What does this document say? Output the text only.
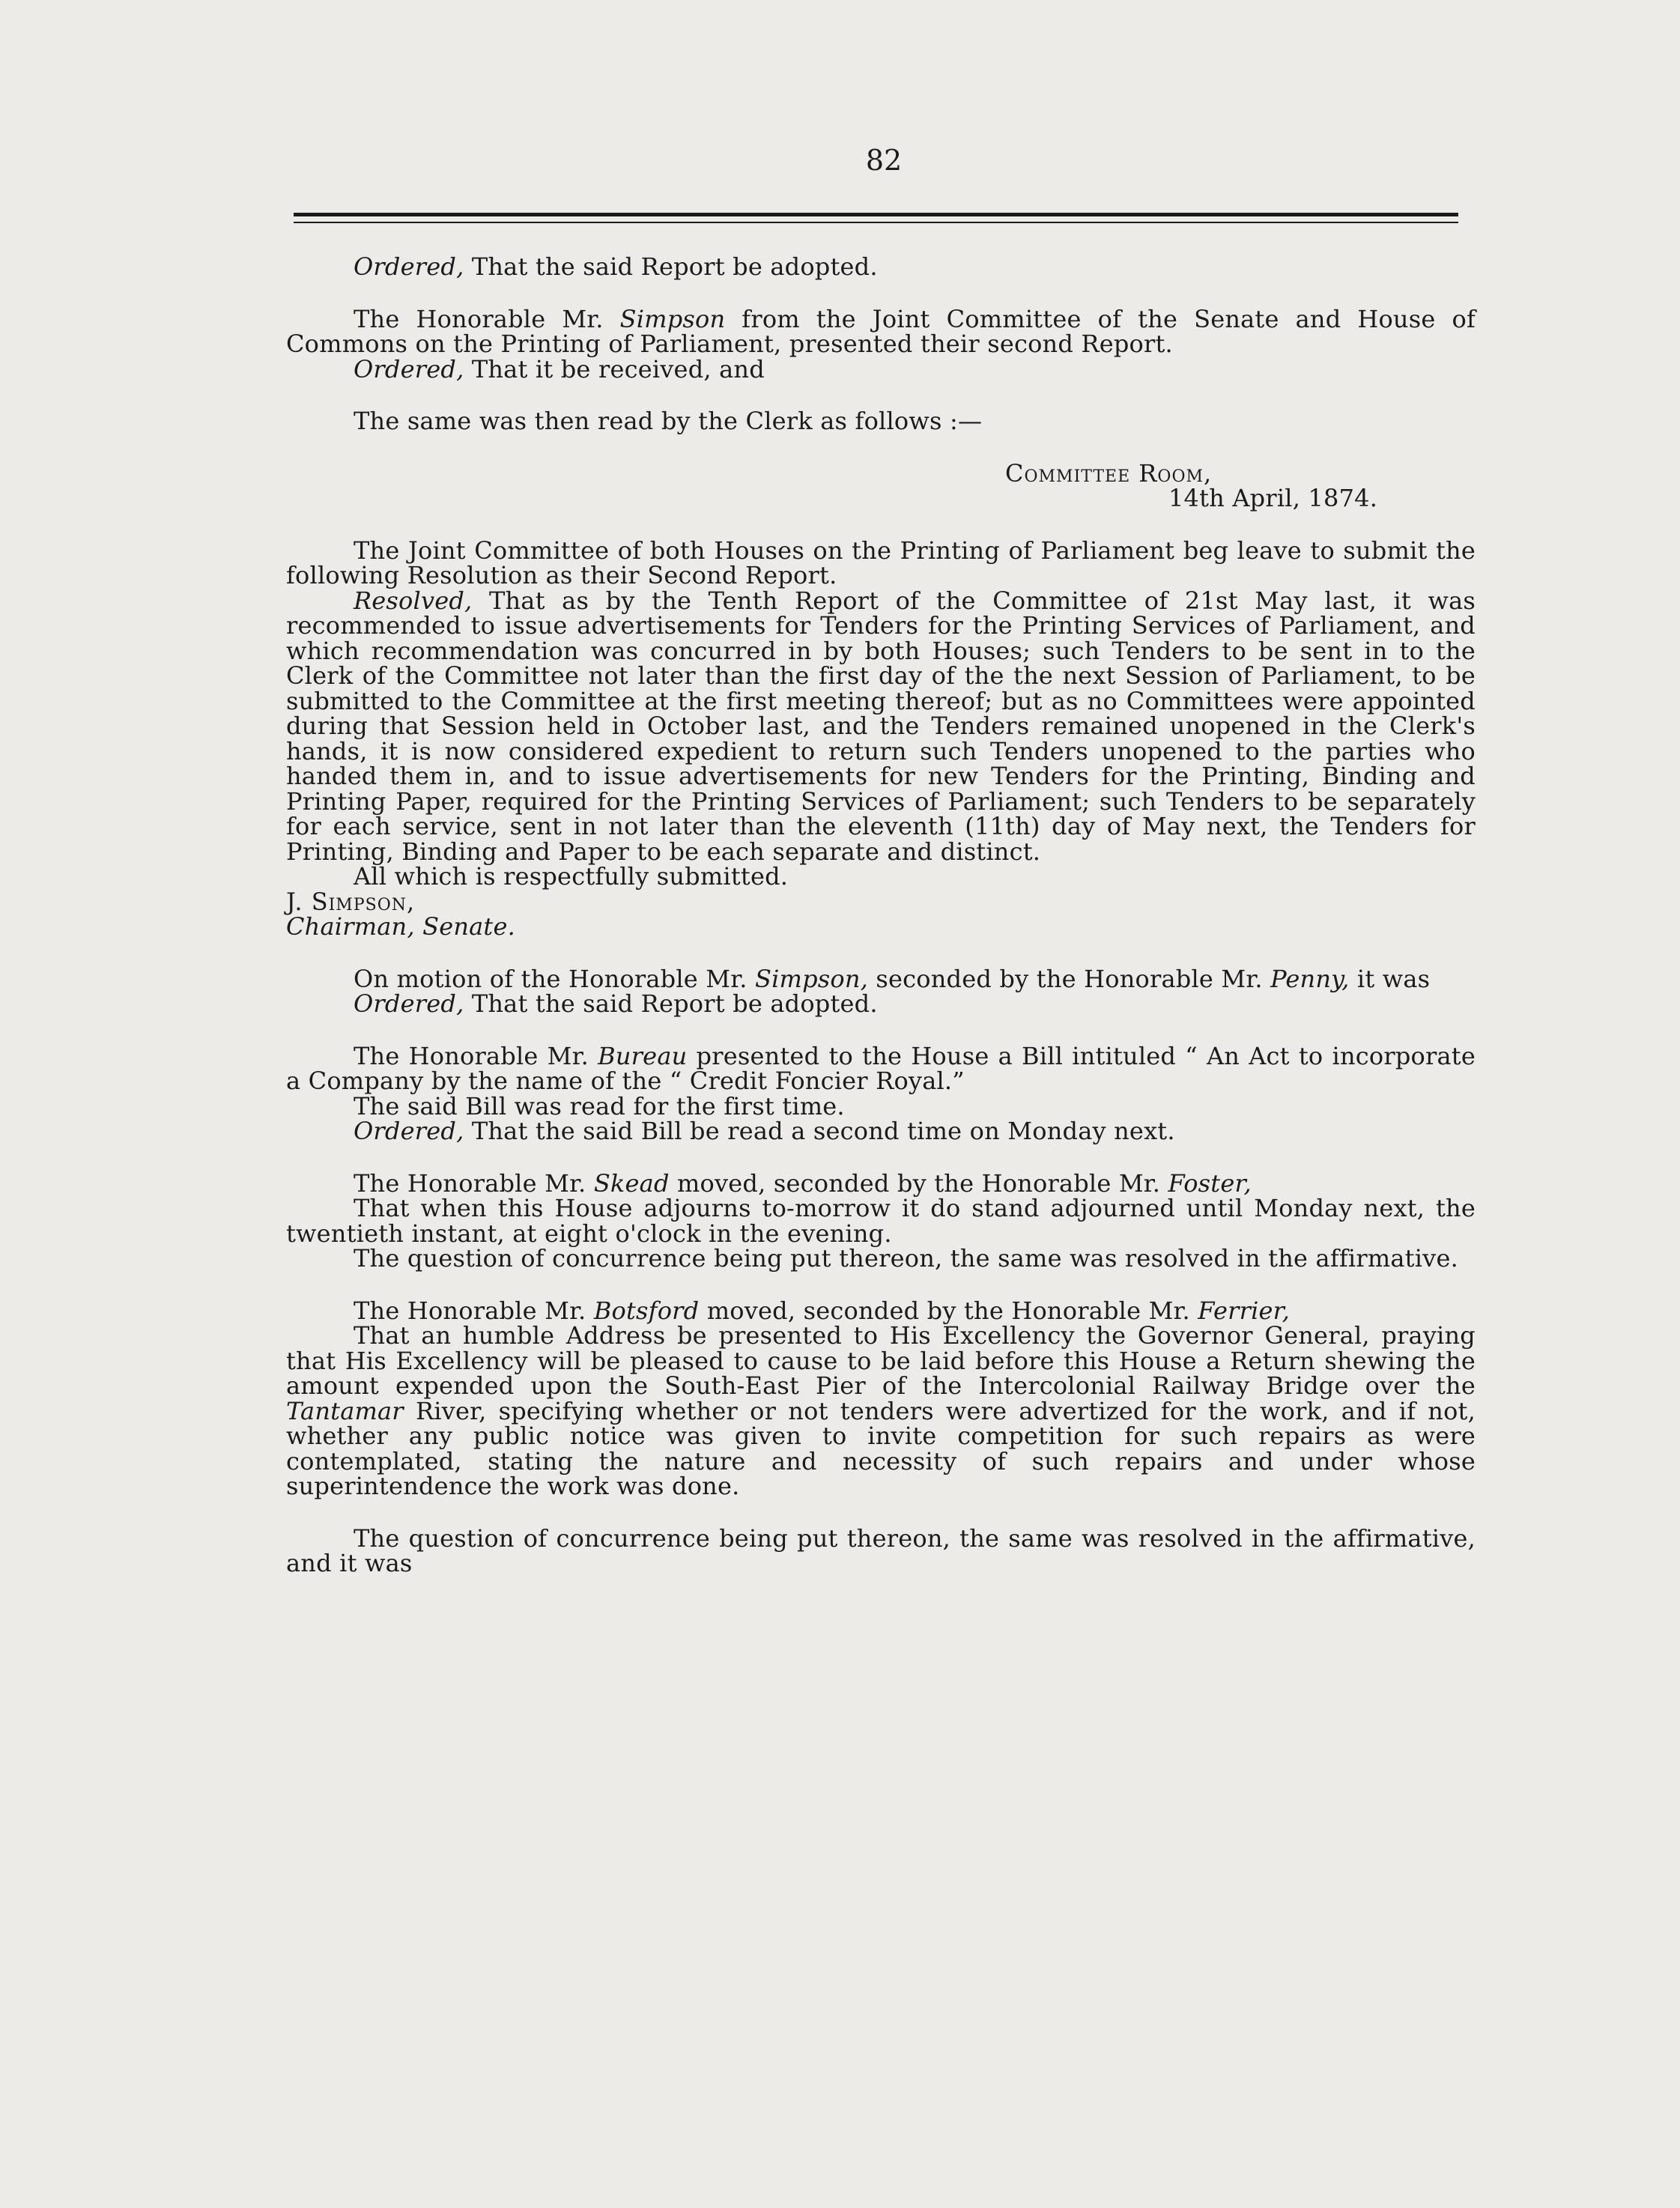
82

Ordered, That the said Report be adopted.

The Honorable Mr. Simpson from the Joint Committee of the Senate and House of Commons on the Printing of Parliament, presented their second Report.

Ordered, That it be received, and

The same was then read by the Clerk as follows :—

Committee Room,

14th April, 1874.

The Joint Committee of both Houses on the Printing of Parliament beg leave to submit the following Resolution as their Second Report.

Resolved, That as by the Tenth Report of the Committee of 21st May last, it was recommended to issue advertisements for Tenders for the Printing Services of Parliament, and which recommendation was concurred in by both Houses; such Tenders to be sent in to the Clerk of the Committee not later than the first day of the the next Session of Parliament, to be submitted to the Committee at the first meeting thereof; but as no Committees were appointed during that Session held in October last, and the Tenders remained unopened in the Clerk's hands, it is now considered expedient to return such Tenders unopened to the parties who handed them in, and to issue advertisements for new Tenders for the Printing, Binding and Printing Paper, required for the Printing Services of Parliament; such Tenders to be separately for each service, sent in not later than the eleventh (11th) day of May next, the Tenders for Printing, Binding and Paper to be each separate and distinct.

All which is respectfully submitted.

J. Simpson,

Chairman, Senate.

On motion of the Honorable Mr. Simpson, seconded by the Honorable Mr. Penny, it was

Ordered, That the said Report be adopted.

The Honorable Mr. Bureau presented to the House a Bill intituled “ An Act to incorporate a Company by the name of the “ Credit Foncier Royal.”

The said Bill was read for the first time.

Ordered, That the said Bill be read a second time on Monday next.

The Honorable Mr. Skead moved, seconded by the Honorable Mr. Foster,

That when this House adjourns to-morrow it do stand adjourned until Monday next, the twentieth instant, at eight o'clock in the evening.

The question of concurrence being put thereon, the same was resolved in the affirmative.

The Honorable Mr. Botsford moved, seconded by the Honorable Mr. Ferrier,

That an humble Address be presented to His Excellency the Governor General, praying that His Excellency will be pleased to cause to be laid before this House a Return shewing the amount expended upon the South-East Pier of the Intercolonial Railway Bridge over the Tantamar River, specifying whether or not tenders were advertized for the work, and if not, whether any public notice was given to invite competition for such repairs as were contemplated, stating the nature and necessity of such repairs and under whose superintendence the work was done.

The question of concurrence being put thereon, the same was resolved in the affirmative, and it was
